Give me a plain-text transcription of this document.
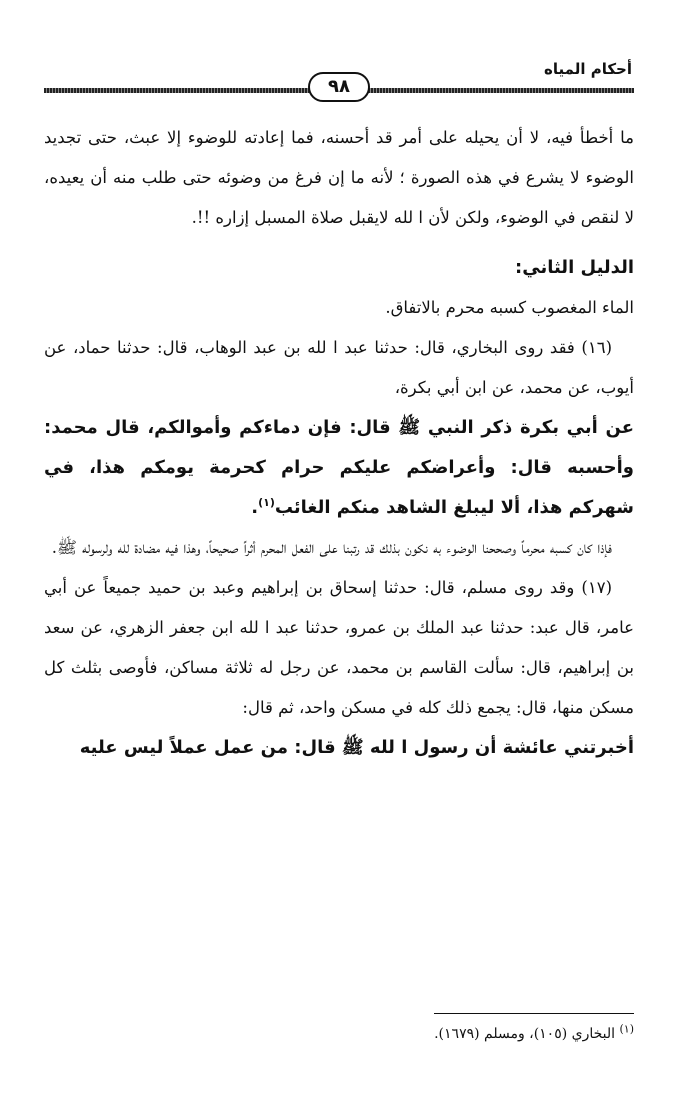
أحكام المياه
٩٨

ما أخطأ فيه، لا أن يحيله على أمر قد أحسنه، فما إعادته للوضوء إلا عبث، حتى تجديد الوضوء لا يشرع في هذه الصورة ؛ لأنه ما إن فرغ من وضوئه حتى طلب منه أن يعيده، لا لنقص في الوضوء، ولكن لأن ا لله لايقبل صلاة المسبل إزاره !!.

الدليل الثاني:

الماء المغصوب كسبه محرم بالاتفاق.

(١٦) فقد روى البخاري، قال: حدثنا عبد ا لله بن عبد الوهاب، قال: حدثنا حماد، عن أيوب، عن محمد، عن ابن أبي بكرة،

عن أبي بكرة ذكر النبي ﷺ قال: فإن دماءكم وأموالكم، قال محمد: وأحسبه قال: وأعراضكم عليكم حرام كحرمة يومكم هذا، في شهركم هذا، ألا ليبلغ الشاهد منكم الغائب$^{(١)}$.

فإذا كان كسبه محرماً وصححنا الوضوء به نكون بذلك قد رتبنا على الفعل المحرم أثراً صحيحاً، وهذا فيه مضادة لله ولرسوله ﷺ.

(١٧) وقد روى مسلم، قال: حدثنا إسحاق بن إبراهيم وعبد بن حميد جميعاً عن أبي عامر، قال عبد: حدثنا عبد الملك بن عمرو، حدثنا عبد ا لله ابن جعفر الزهري، عن سعد بن إبراهيم، قال: سألت القاسم بن محمد، عن رجل له ثلاثة مساكن، فأوصى بثلث كل مسكن منها، قال: يجمع ذلك كله في مسكن واحد، ثم قال:

أخبرتني عائشة أن رسول ا لله ﷺ قال: من عمل عملاً ليس عليه

$^{(١)}$ البخاري (١٠٥)، ومسلم (١٦٧٩).
